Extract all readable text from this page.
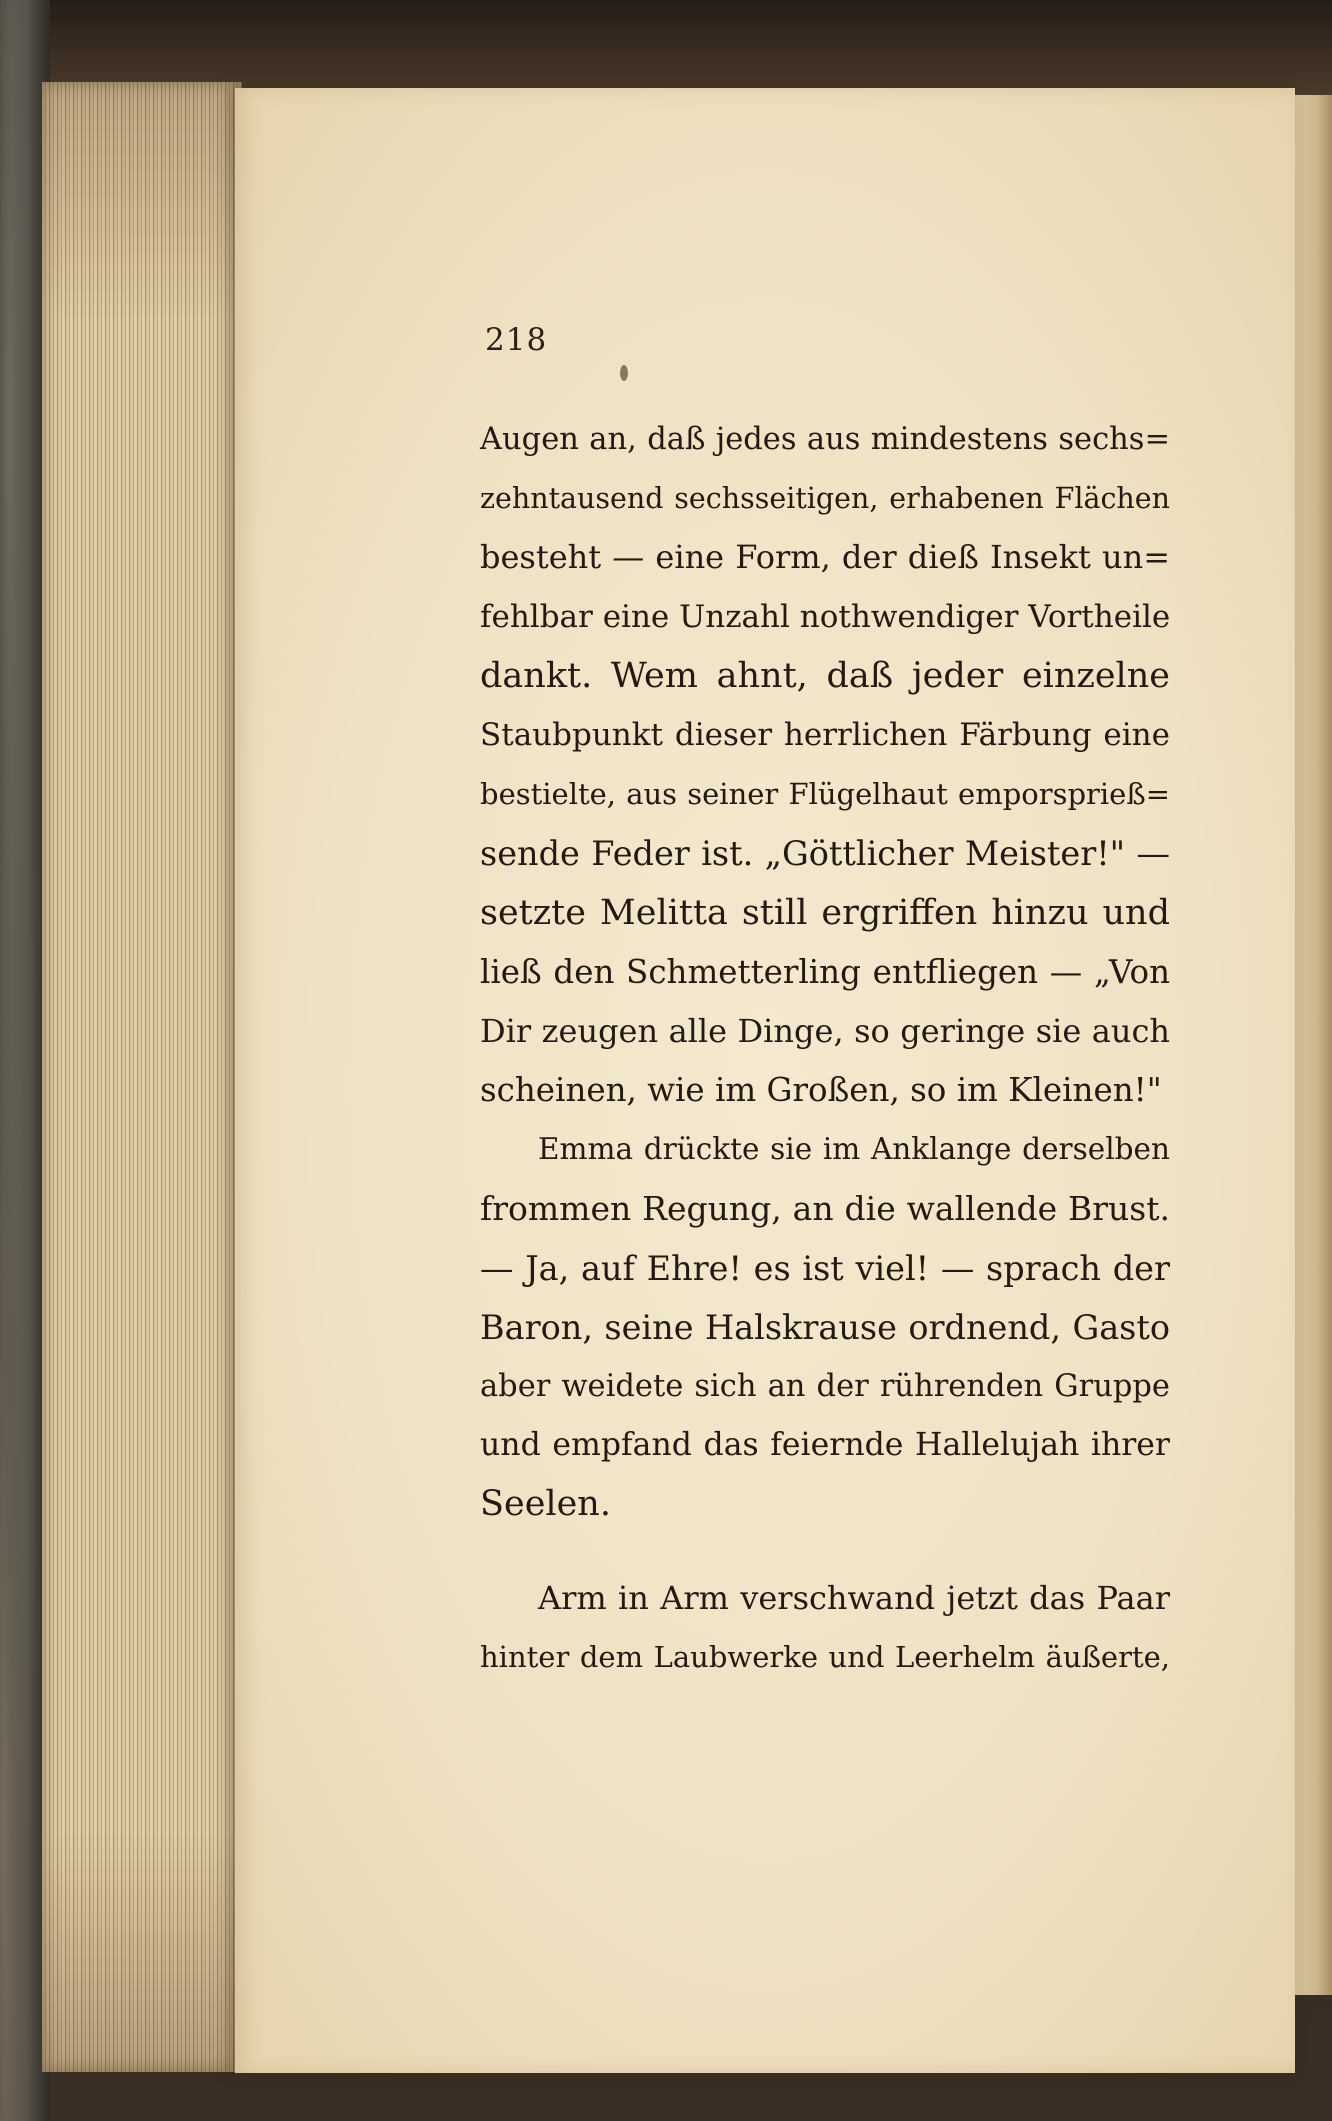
218
Augen an, daß jedes aus mindestens sechs=
zehntausend sechsseitigen, erhabenen Flächen
besteht — eine Form, der dieß Insekt un=
fehlbar eine Unzahl nothwendiger Vortheile
dankt. Wem ahnt, daß jeder einzelne
Staubpunkt dieser herrlichen Färbung eine
bestielte, aus seiner Flügelhaut emporsprieß=
sende Feder ist. „Göttlicher Meister!" —
setzte Melitta still ergriffen hinzu und
ließ den Schmetterling entfliegen — „Von
Dir zeugen alle Dinge, so geringe sie auch
scheinen, wie im Großen, so im Kleinen!"
Emma drückte sie im Anklange derselben
frommen Regung, an die wallende Brust.
— Ja, auf Ehre! es ist viel! — sprach der
Baron, seine Halskrause ordnend, Gasto
aber weidete sich an der rührenden Gruppe
und empfand das feiernde Hallelujah ihrer
Seelen.
Arm in Arm verschwand jetzt das Paar
hinter dem Laubwerke und Leerhelm äußerte,
